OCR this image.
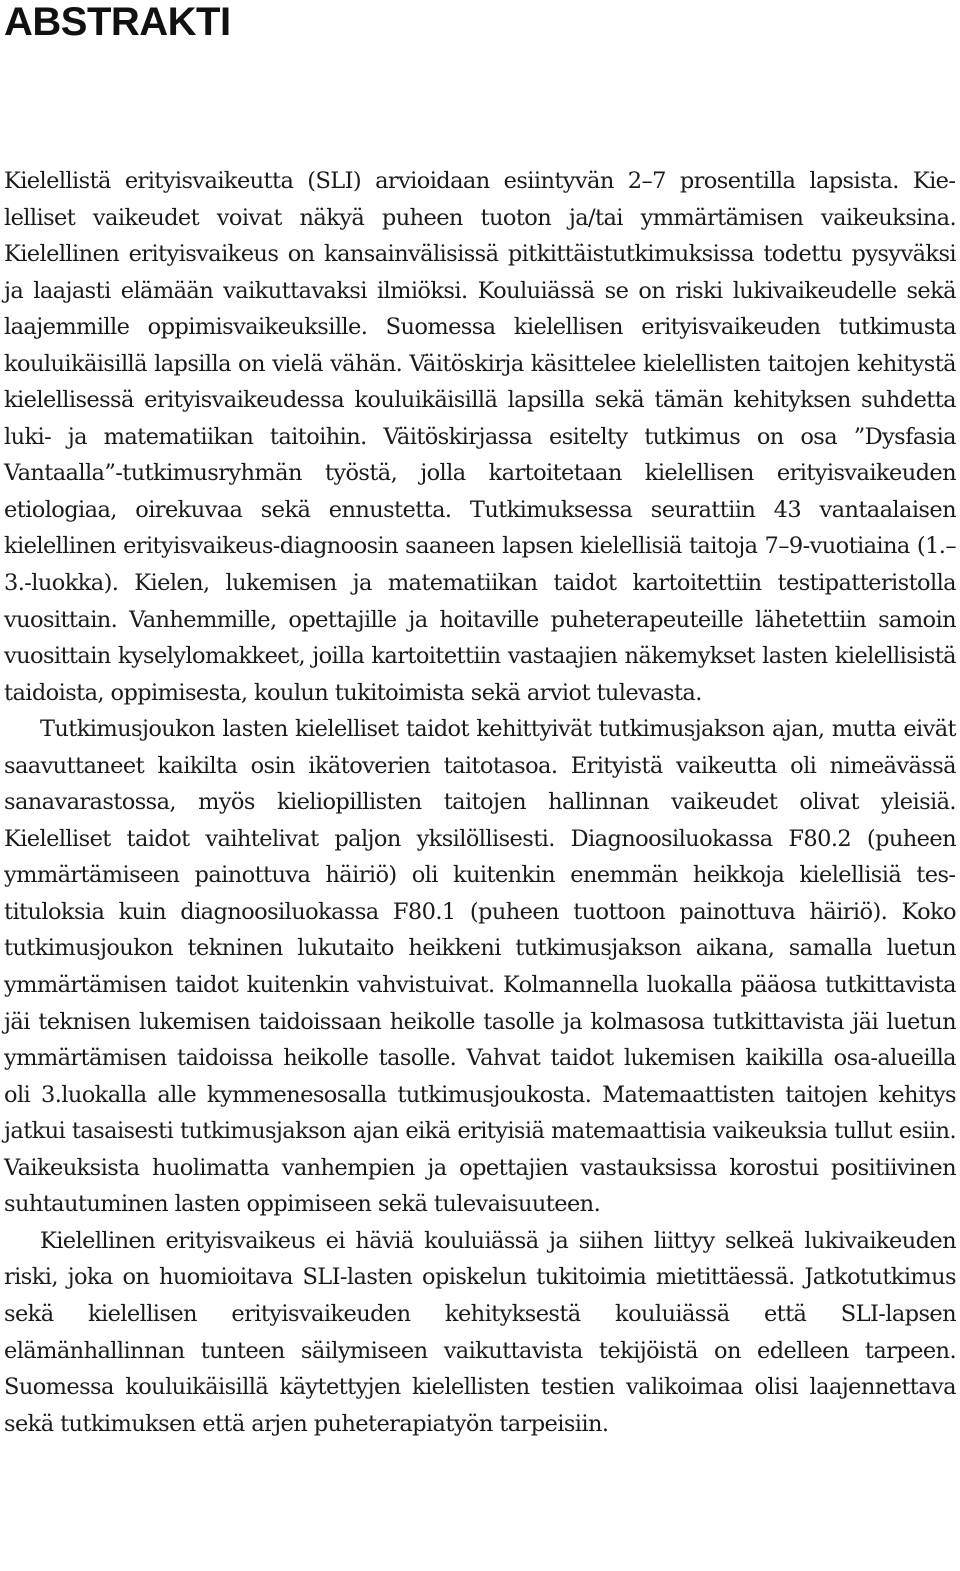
ABSTRAKTI

Kielellistä erityisvaikeutta (SLI) arvioidaan esiintyvän 2–7 prosentilla lapsista. Kielelliset vaikeudet voivat näkyä puheen tuoton ja/tai ymmärtämisen vaikeuksina. Kielellinen erityisvaikeus on kansainvälisissä pitkittäistutkimuksissa todettu pysyväksi ja laajasti elämään vaikuttavaksi ilmiöksi. Kouluiässä se on riski lukivaikeudelle sekä laajemmille oppimisvaikeuksille. Suomessa kielellisen erityisvaikeuden tutkimusta kouluikäisillä lapsilla on vielä vähän. Väitöskirja käsittelee kielellisten taitojen kehitystä kielellisessä erityisvaikeudessa kouluikäisillä lapsilla sekä tämän kehityksen suhdetta luki- ja matematiikan taitoihin. Väitöskirjassa esitelty tutkimus on osa ”Dysfasia Vantaalla”-tutkimusryhmän työstä, jolla kartoitetaan kielellisen erityisvaikeuden etiologiaa, oirekuvaa sekä ennustetta. Tutkimuksessa seurattiin 43 vantaalaisen kielellinen erityisvaikeus-diagnoosin saaneen lapsen kielellisiä taitoja 7–9-vuotiaina (1.–3.-luokka). Kielen, lukemisen ja matematiikan taidot kartoitettiin testipatteristolla vuosittain. Vanhemmille, opettajille ja hoitaville puheterapeuteille lähetettiin samoin vuosittain kyselylomakkeet, joilla kartoitettiin vastaajien näkemykset lasten kielellisistä taidoista, oppimisesta, koulun tukitoimista sekä arviot tulevasta.

Tutkimusjoukon lasten kielelliset taidot kehittyivät tutkimusjakson ajan, mutta eivät saavuttaneet kaikilta osin ikätoverien taitotasoa. Erityistä vaikeutta oli nimeävässä sanavarastossa, myös kieliopillisten taitojen hallinnan vaikeudet olivat yleisiä. Kielelliset taidot vaihtelivat paljon yksilöllisesti. Diagnoosiluokassa F80.2 (puheen ymmärtämiseen painottuva häiriö) oli kuitenkin enemmän heikkoja kielellisiä testituloksia kuin diagnoosiluokassa F80.1 (puheen tuottoon painottuva häiriö). Koko tutkimusjoukon tekninen lukutaito heikkeni tutkimusjakson aikana, samalla luetun ymmärtämisen taidot kuitenkin vahvistuivat. Kolmannella luokalla pääosa tutkittavista jäi teknisen lukemisen taidoissaan heikolle tasolle ja kolmasosa tutkittavista jäi luetun ymmärtämisen taidoissa heikolle tasolle. Vahvat taidot lukemisen kaikilla osa-alueilla oli 3.luokalla alle kymmenesosalla tutkimusjoukosta. Matemaattisten taitojen kehitys jatkui tasaisesti tutkimusjakson ajan eikä erityisiä matemaattisia vaikeuksia tullut esiin. Vaikeuksista huolimatta vanhempien ja opettajien vastauksissa korostui positiivinen suhtautuminen lasten oppimiseen sekä tulevaisuuteen.

Kielellinen erityisvaikeus ei häviä kouluiässä ja siihen liittyy selkeä lukivaikeuden riski, joka on huomioitava SLI-lasten opiskelun tukitoimia mietittäessä. Jatkotutkimus sekä kielellisen erityisvaikeuden kehityksestä kouluiässä että SLI-lapsen elämänhallinnan tunteen säilymiseen vaikuttavista tekijöistä on edelleen tarpeen. Suomessa kouluikäisillä käytettyjen kielellisten testien valikoimaa olisi laajennettava sekä tutkimuksen että arjen puheterapiatyön tarpeisiin.
